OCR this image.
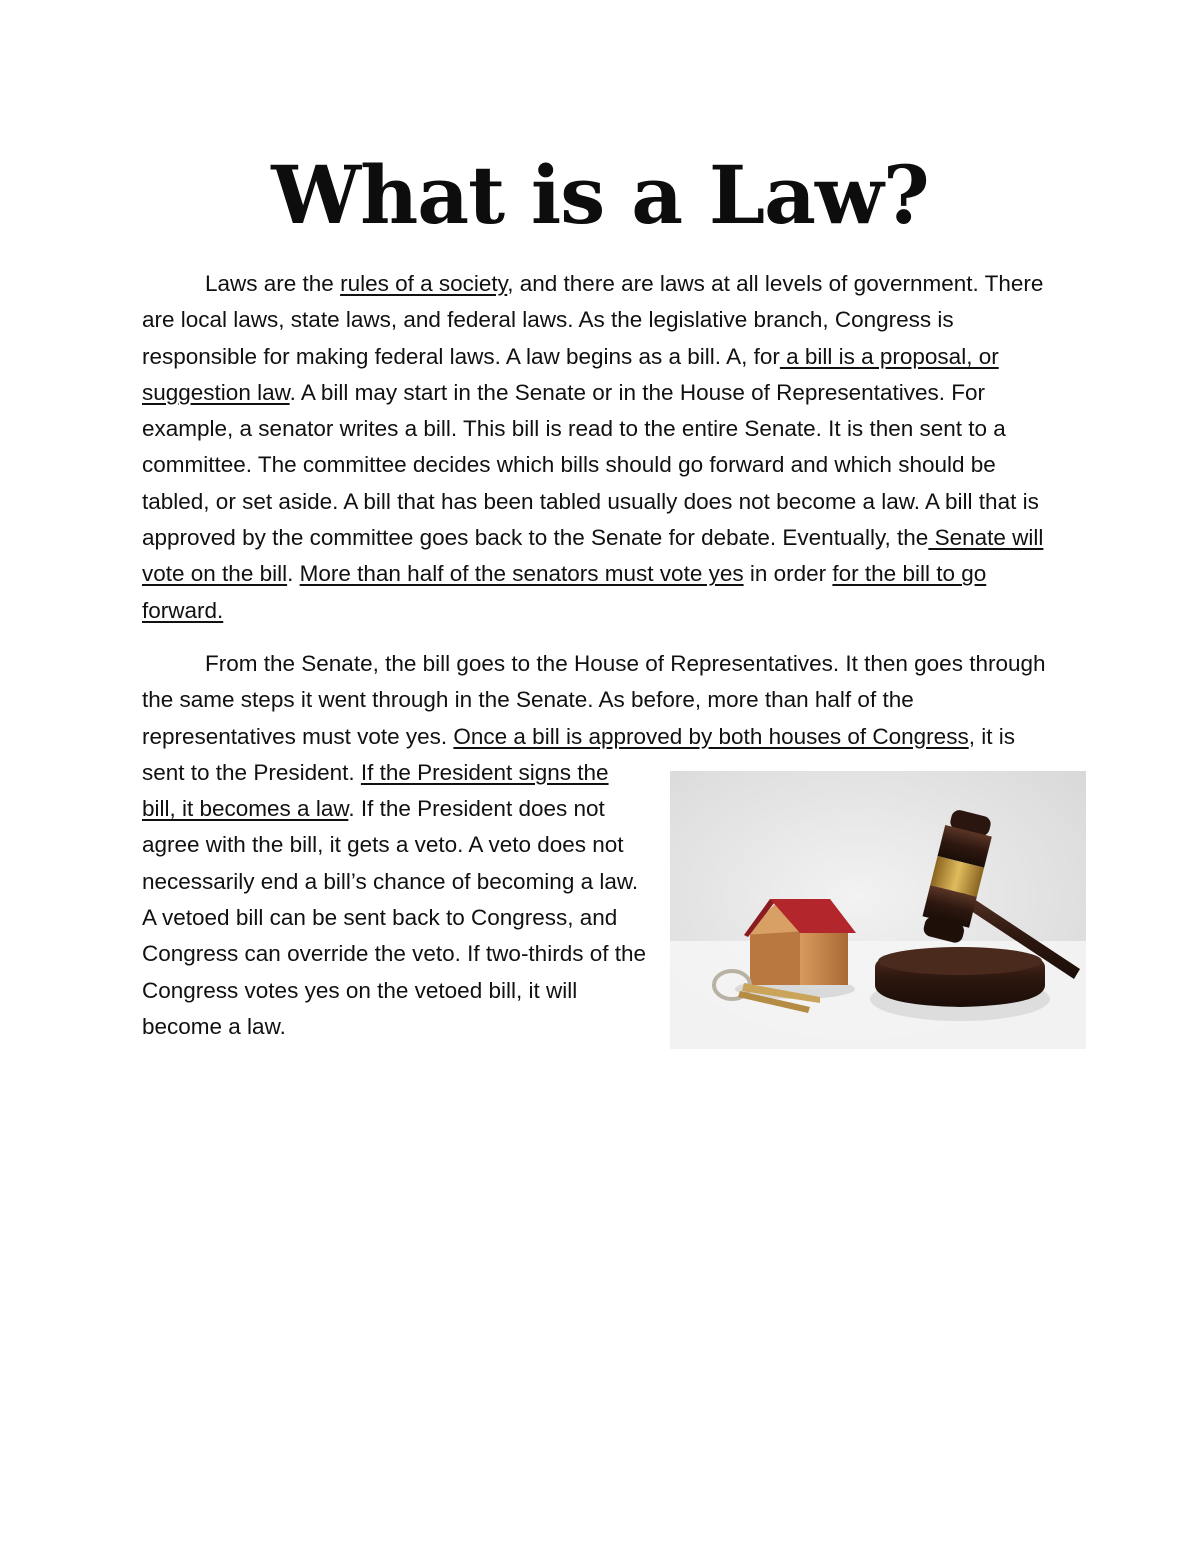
What is a Law?

Laws are the rules of a society, and there are laws at all levels of government. There are local laws, state laws, and federal laws. As the legislative branch, Congress is responsible for making federal laws. A law begins as a bill. A, for a bill is a proposal, or suggestion law. A bill may start in the Senate or in the House of Representatives. For example, a senator writes a bill. This bill is read to the entire Senate. It is then sent to a committee. The committee decides which bills should go forward and which should be tabled, or set aside. A bill that has been tabled usually does not become a law. A bill that is approved by the committee goes back to the Senate for debate. Eventually, the Senate will vote on the bill. More than half of the senators must vote yes in order for the bill to go forward.

From the Senate, the bill goes to the House of Representatives. It then goes through the same steps it went through in the Senate. As before, more than half of the representatives must vote yes. Once a bill is approved by both houses of Congress, it is sent to the President.
If the President signs the bill, it becomes a law. If the President does not agree with the bill, it gets a veto. A veto does not necessarily end a bill’s chance of becoming a law. A vetoed bill can be sent back to Congress, and Congress can override the veto. If two-thirds of the Congress votes yes on the vetoed bill, it will become a law.
